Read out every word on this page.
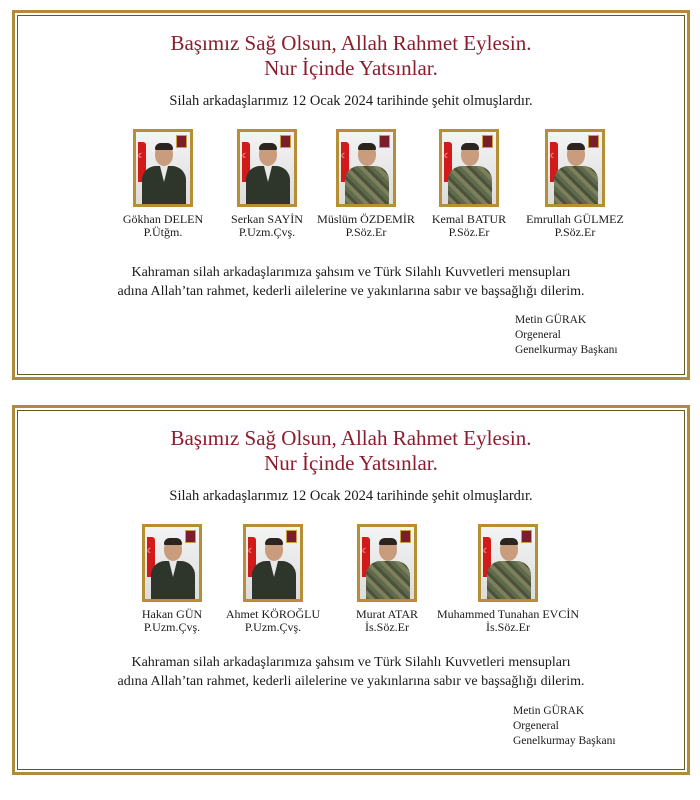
Başımız Sağ Olsun, Allah Rahmet Eylesin.
Nur İçinde Yatsınlar.
Silah arkadaşlarımız 12 Ocak 2024 tarihinde şehit olmuşlardır.
☾
Gökhan DELEN
P.Ütğm.
☾
Serkan SAYİN
P.Uzm.Çvş.
☾
Müslüm ÖZDEMİR
P.Söz.Er
☾
Kemal BATUR
P.Söz.Er
☾
Emrullah GÜLMEZ
P.Söz.Er
Kahraman silah arkadaşlarımıza şahsım ve Türk Silahlı Kuvvetleri mensupları
adına Allah’tan rahmet, kederli ailelerine ve yakınlarına sabır ve başsağlığı dilerim.
Metin GÜRAK
Orgeneral
Genelkurmay Başkanı
Başımız Sağ Olsun, Allah Rahmet Eylesin.
Nur İçinde Yatsınlar.
Silah arkadaşlarımız 12 Ocak 2024 tarihinde şehit olmuşlardır.
☾
Hakan GÜN
P.Uzm.Çvş.
☾
Ahmet KÖROĞLU
P.Uzm.Çvş.
☾
Murat ATAR
İs.Söz.Er
☾
Muhammed Tunahan EVCİN
İs.Söz.Er
Kahraman silah arkadaşlarımıza şahsım ve Türk Silahlı Kuvvetleri mensupları
adına Allah’tan rahmet, kederli ailelerine ve yakınlarına sabır ve başsağlığı dilerim.
Metin GÜRAK
Orgeneral
Genelkurmay Başkanı
